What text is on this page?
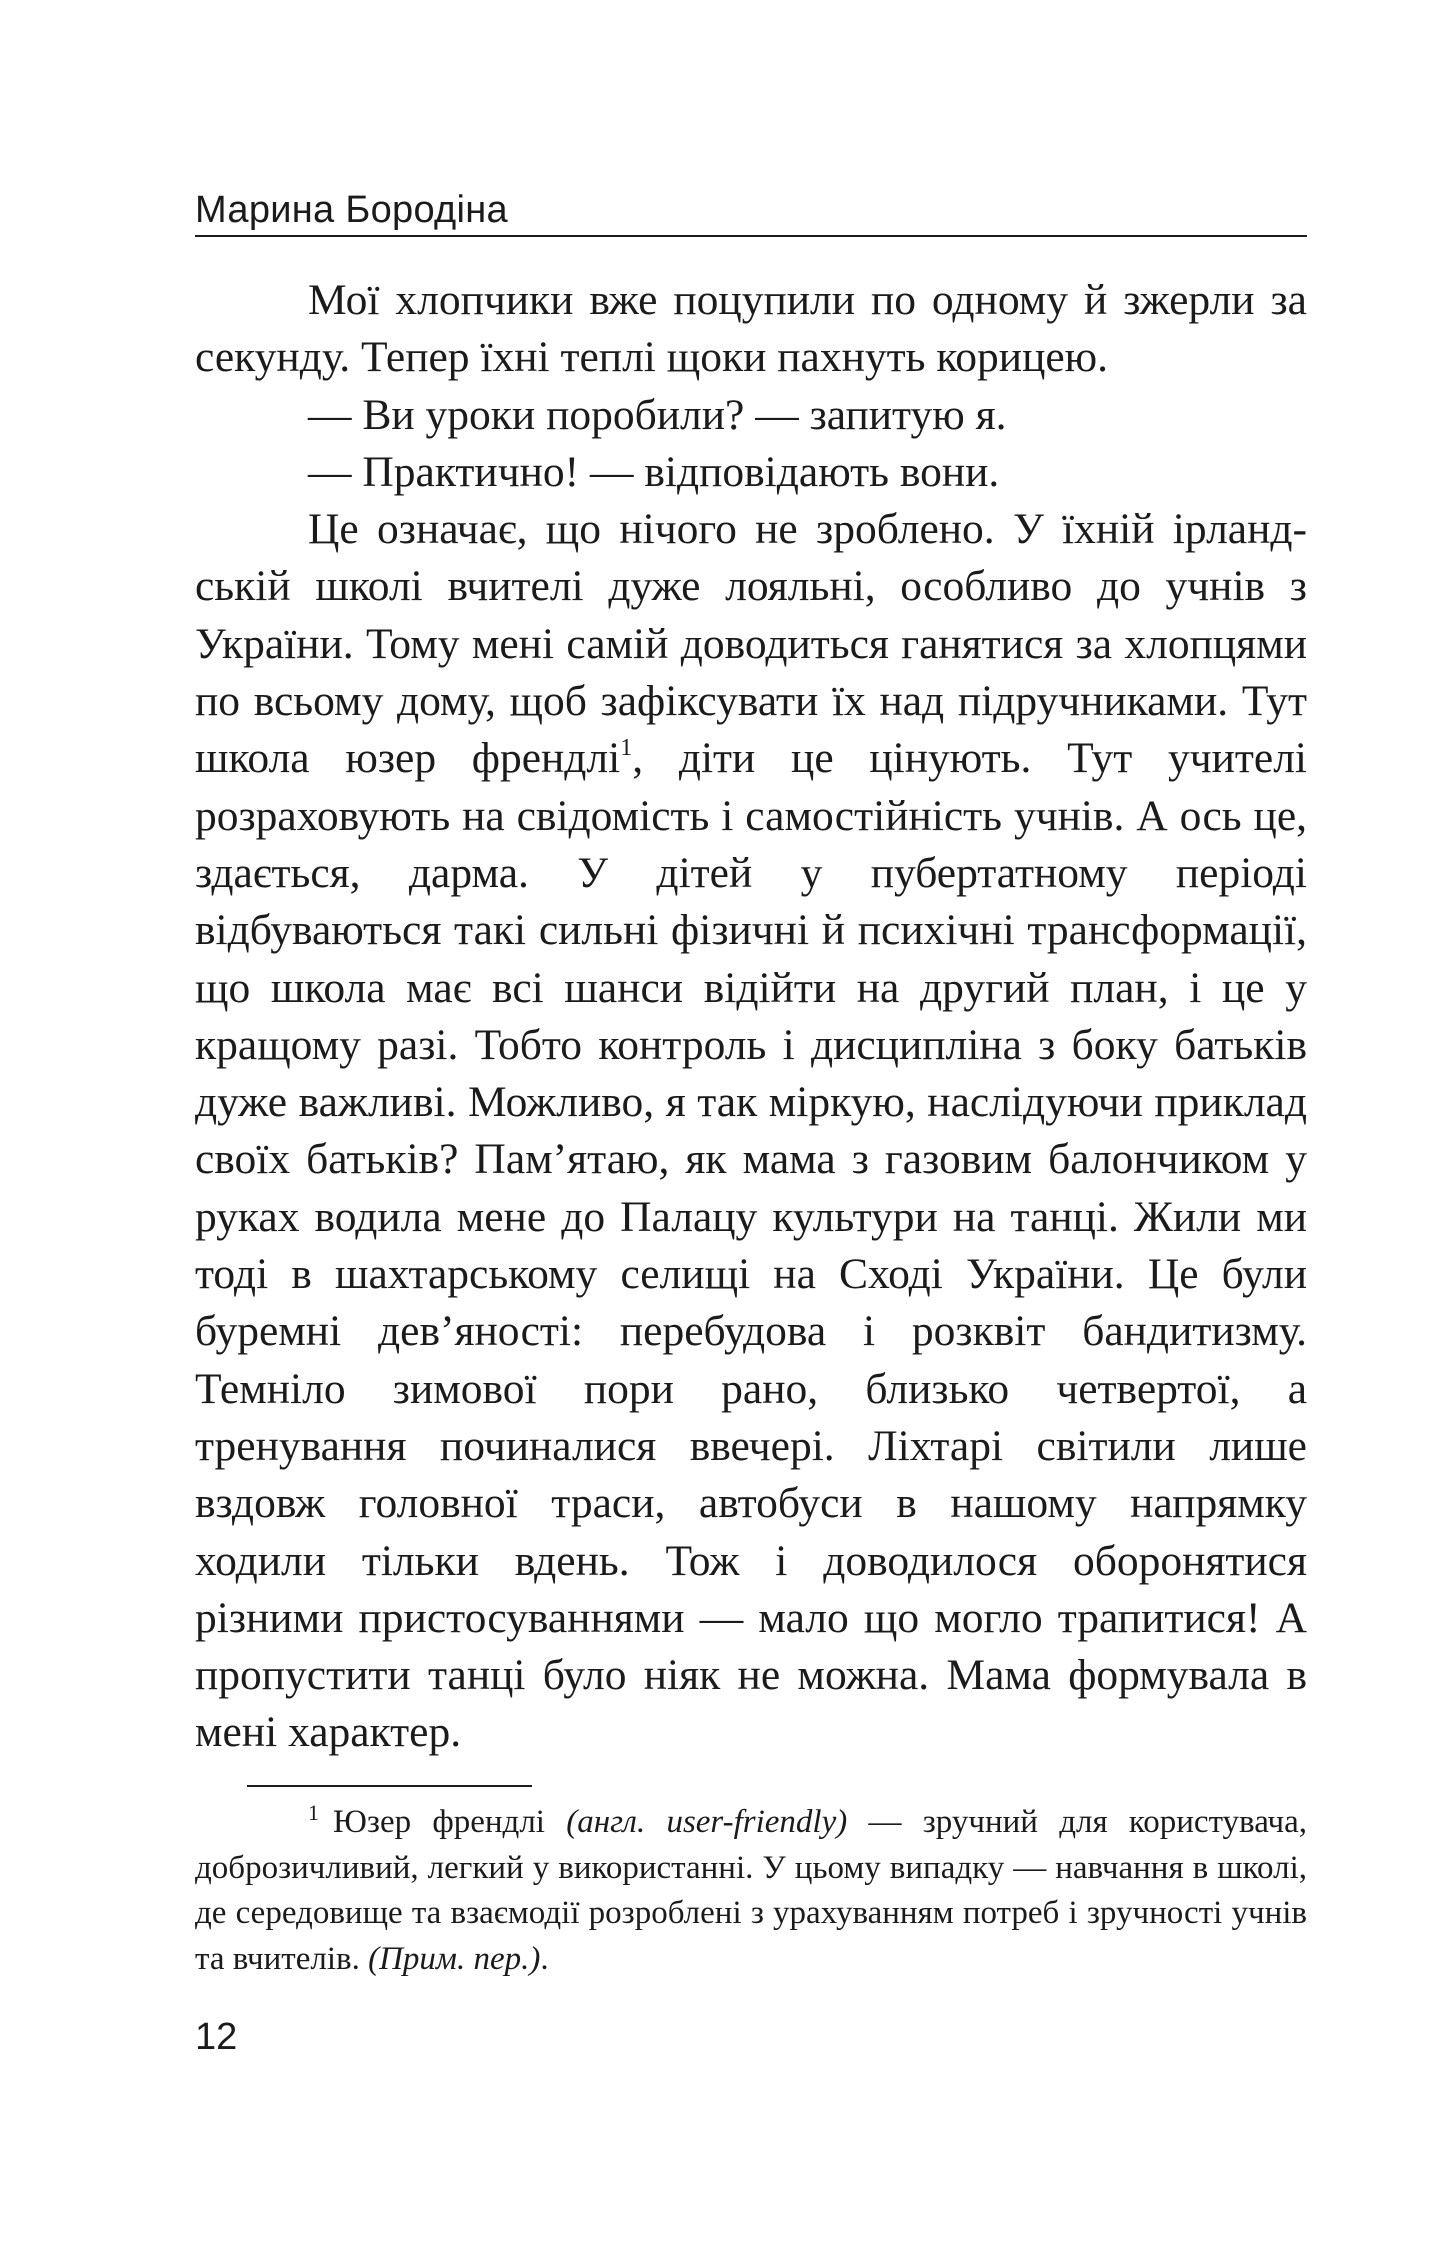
Марина Бородіна

Мої хлопчики вже поцупили по одному й зжерли за секунду. Тепер їхні теплі щоки пахнуть корицею.

— Ви уроки поробили? — запитую я.

— Практично! — відповідають вони.

Це означає, що нічого не зроблено. У їхній ірландській школі вчителі дуже лояльні, особливо до учнів з України. Тому мені самій доводиться ганятися за хлопцями по всьому дому, щоб зафіксувати їх над підручниками. Тут школа юзер френдлі$^1$, діти це цінують. Тут учителі розраховують на свідомість і самостійність учнів. А ось це, здається, дарма. У дітей у пубертатному періоді відбуваються такі сильні фізичні й психічні трансформації, що школа має всі шанси відійти на другий план, і це у кращому разі. Тобто контроль і дисципліна з боку батьків дуже важливі. Можливо, я так міркую, наслідуючи приклад своїх батьків? Пам’ятаю, як мама з газовим балончиком у руках водила мене до Палацу культури на танці. Жили ми тоді в шахтарському селищі на Сході України. Це були буремні дев’яності: перебудова і розквіт бандитизму. Темніло зимової пори рано, близько четвертої, а тренування починалися ввечері. Ліхтарі світили лише вздовж головної траси, автобуси в нашому напрямку ходили тільки вдень. Тож і доводилося оборонятися різними пристосуваннями — мало що могло трапитися! А пропустити танці було ніяк не можна. Мама формувала в мені характер.

$^1$ Юзер френдлі (англ. user-friendly) — зручний для користувача, доброзичливий, легкий у використанні. У цьому випадку — навчання в школі, де середовище та взаємодії розроблені з урахуванням потреб і зручності учнів та вчителів. (Прим. пер.).
12
